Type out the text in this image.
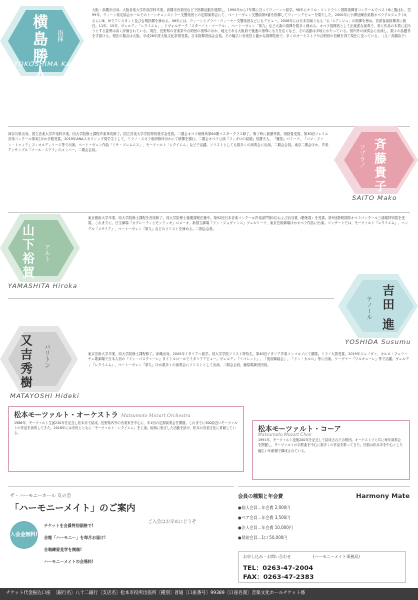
横島勝人	指揮
YOKOSHIMA Katsuto
大阪・高槻市出身。大阪音楽大学作曲学科卒業。高槻市音楽団などで指揮活動を展開し、1990年から7年間に亘ってウィーンへ留学。98年にキリル・コンドラシン国際指揮者コンクールでベスト8に選ばれ、翌99年、ウィーン楽友協会ホールでのトーンキュンストラー交響楽団との定期演奏会にて、ベートーヴェン交響曲第9番を指揮してウィーンデビューを果たした。2000年に小澤征爾音楽塾オペラプロジェクトⅡ、さらにⅢ、Ⅳでアシスタント及び合唱指揮を務める。06年には、ウィーンとブラバ・ウィーナー交響楽団などにもデビュー。2008年には日本初演となる「仏・Lアンジュ」の指揮を務め、首席客演指揮者に就任。11年、15年、ヴェルディ「レクイエム」、ドヴォルザーク「スターバト・マーテル」、ベートーヴェン「第九」など大曲の指揮を数多く務める。オペラ指揮者として正統派な演奏で、常に作品の本質に迫ろうとする姿勢は高く評価されている。現在、長野県の音楽祭や合唱団の指導のほか、地元である大阪府で後進の指導にも力を注ぐなど、その活動は多岐にわたっている。国内外の演奏会に出演し、数々の話題作を手掛ける。現在の拠点は大阪。平成28年度大阪文化祭賞受賞。日本指揮者協会会員。その幅広い音楽性と確かな指揮技術で、多くのオーケストラや合唱団の信頼を得て現在に至っている。（文／高橋彩子）
神奈川県出身。国立音楽大学声楽科卒業。同大学院修士課程声楽専攻修了。国立音楽大学学院特待奨学金受賞。二期会オペラ研修所第60期マスタークラス修了。修了時に最優秀賞、奨励賞受賞。第30回ソレイユ音楽コンクール第3位ほか多数受賞。2019年ANAスカラシップ奨学生として、ミラノ・スカラ座研修所ほかにて研鑽を積む。二期会オペラ公演『フィガロの結婚』伯爵夫人、『魔笛』パミーナ、『コジ・ファン・トゥッテ』フィオルディリージ等で出演、ベートーヴェン作曲「ミサ・ソレムニス」、モーツァルト「レクイエム」などで活躍。ソリストとしても数多くの演奏会に出演。二期会会員。東京二期会ほか、声楽アンサンブル『コール・ステラ』のメンバー。二期会会員。	斉藤貴子
ソプラノ
SAITO Mako
山下裕賀	アルト
YAMASHITA Hiroka
東京藝術大学卒業、同大学院修士課程を首席修了。同大学院博士後期課程在籍中。第92回日本音楽コンクール声楽部門第1位および岩谷賞（聴衆賞）を受賞。第9回静岡国際オペラコンクール三浦環特別賞を受賞。これまでに、日生劇場『カプレーティとモンテッキ』ロメーオ、新国立劇場『ドン・ジョヴァンニ』ツェルリーナ、東京芸術劇場ほかオペラ作品に出演。コンサートでは、モーツァルト『レクイエム』、ヘンデル『メサイア』、ベートーヴェン『第九』などのソリストを務める。二期会会員。
吉田 進
テノール
YOSHIDA Susumu
又吉秀樹	バリトン
MATAYOSHI Hideki
東京芸術大学卒業、同大学院修士課程修了。沖縄出身。2005年イタリアへ留学。同大学学院ソリスト特待生。第40回イタリア声楽コンコルソにて優勝。ミラノ大賞受賞。2019年ジュノヴァ、カルロ・フェリーチェ歌劇場で日本人初の『ドン・パスクァーレ』タイトルロールでイタリアデビュー。ヴェルディ『リゴレット』、『仮面舞踏会』、『ドン・カルロ』等に出演、ワーグナー『ワルキューレ』等で活躍。ヴェルディ『レクイエム』、ベートーヴェン『第九』ほか数多くの演奏会にソリストとして出演。二期会会員、藤原歌劇団団員。
松本モーツァルト・オーケストラ Matsumoto Mozart Orchestra
1986年、モーツァルト生誕230年を記念し松本市で結成。長野県内外の音楽家を中心に、年1回の定期演奏会を開催。これまでに300曲近いモーツァルトの作品を演奏してきた。2016年には市民とともに「モーツァルト・レクイエム」を上演。地域に根ざした活動を続け、松本の音楽文化に貢献している。
松本モーツァルト・コーア
Matsumoto Mozart Choir
1991年、モーツァルト没後200年を記念して結成された合唱団。オーケストラと共に毎年演奏会を開催し、モーツァルトの宗教曲を中心に数多くの作品を歌ってきた。団員は松本市を中心とした幅広い年齢層で構成されている。
ザ・ハーモニーホール 友の会
「ハーモニーメイト」のご案内
入会金無料!
ご入会はお早めにどうぞ
チケットを会員特別価格で!
会報「ハーモニー」を毎月お届け!
合唱練習見学を開催!
ハーモニーメイトの会場料!
会員の種類と年会費	Harmony Mate
●個人会員…年会費 2,000円
●ペア会員…年会費 3,500円
●法人会員…年会費 10,000円
●賛助会員…1口 50,000円
お申し込み・お問い合わせ	(ハーモニーメイト事務局)
TEL：0263-47-2004
FAX：0263-47-2383
チケット代金振込口座　〔銀行名〕八十二銀行〔支店名〕松本市役所出張所〔種別〕普通〔口座番号〕99389〔口座名義〕音楽文化ホールチケット係
